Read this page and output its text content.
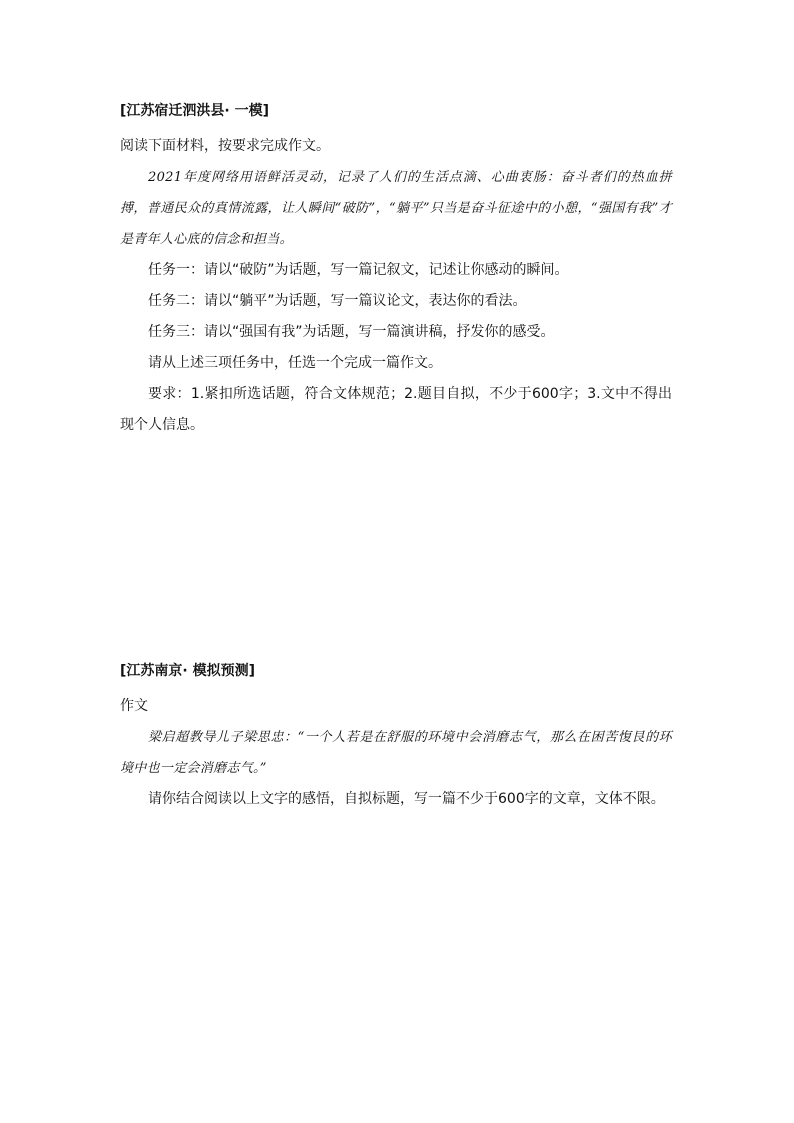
[江苏宿迁泗洪县· 一模]

阅读下面材料，按要求完成作文。

2021年度网络用语鲜活灵动，记录了人们的生活点滴、心曲衷肠：奋斗者们的热血拼搏，普通民众的真情流露，让人瞬间“破防”，“躺平”只当是奋斗征途中的小憩，“强国有我”才是青年人心底的信念和担当。

任务一：请以“破防”为话题，写一篇记叙文，记述让你感动的瞬间。

任务二：请以“躺平”为话题，写一篇议论文，表达你的看法。

任务三：请以“强国有我”为话题，写一篇演讲稿，抒发你的感受。

请从上述三项任务中，任选一个完成一篇作文。

要求：1.紧扣所选话题，符合文体规范；2.题目自拟，不少于600字；3.文中不得出现个人信息。

[江苏南京· 模拟预测]

作文

梁启超教导儿子梁思忠：“一个人若是在舒服的环境中会消磨志气，那么在困苦愎艮的环境中也一定会消磨志气。”

请你结合阅读以上文字的感悟，自拟标题，写一篇不少于600字的文章，文体不限。
